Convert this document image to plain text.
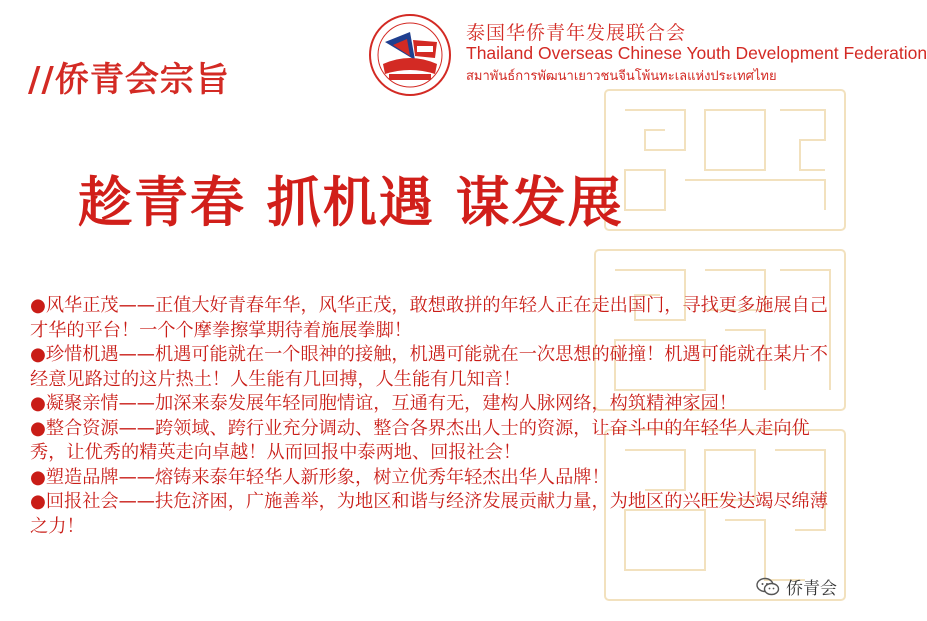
//侨青会宗旨
泰国华侨青年发展联合会
Thailand Overseas Chinese Youth Development Federation
สมาพันธ์การพัฒนาเยาวชนจีนโพ้นทะเลแห่งประเทศไทย
趁青春 抓机遇 谋发展
●风华正茂——正值大好青春年华，风华正茂，敢想敢拼的年轻人正在走出国门，寻找更多施展自己才华的平台！一个个摩拳擦掌期待着施展拳脚！
●珍惜机遇——机遇可能就在一个眼神的接触，机遇可能就在一次思想的碰撞！机遇可能就在某片不经意见路过的这片热土！人生能有几回搏，人生能有几知音！
●凝聚亲情——加深来泰发展年轻同胞情谊，互通有无，建构人脉网络，构筑精神家园！
●整合资源——跨领域、跨行业充分调动、整合各界杰出人士的资源，让奋斗中的年轻华人走向优秀，让优秀的精英走向卓越！从而回报中泰两地、回报社会！
●塑造品牌——熔铸来泰年轻华人新形象，树立优秀年轻杰出华人品牌！
●回报社会——扶危济困，广施善举，为地区和谐与经济发展贡献力量，为地区的兴旺发达竭尽绵薄之力！
侨青会
